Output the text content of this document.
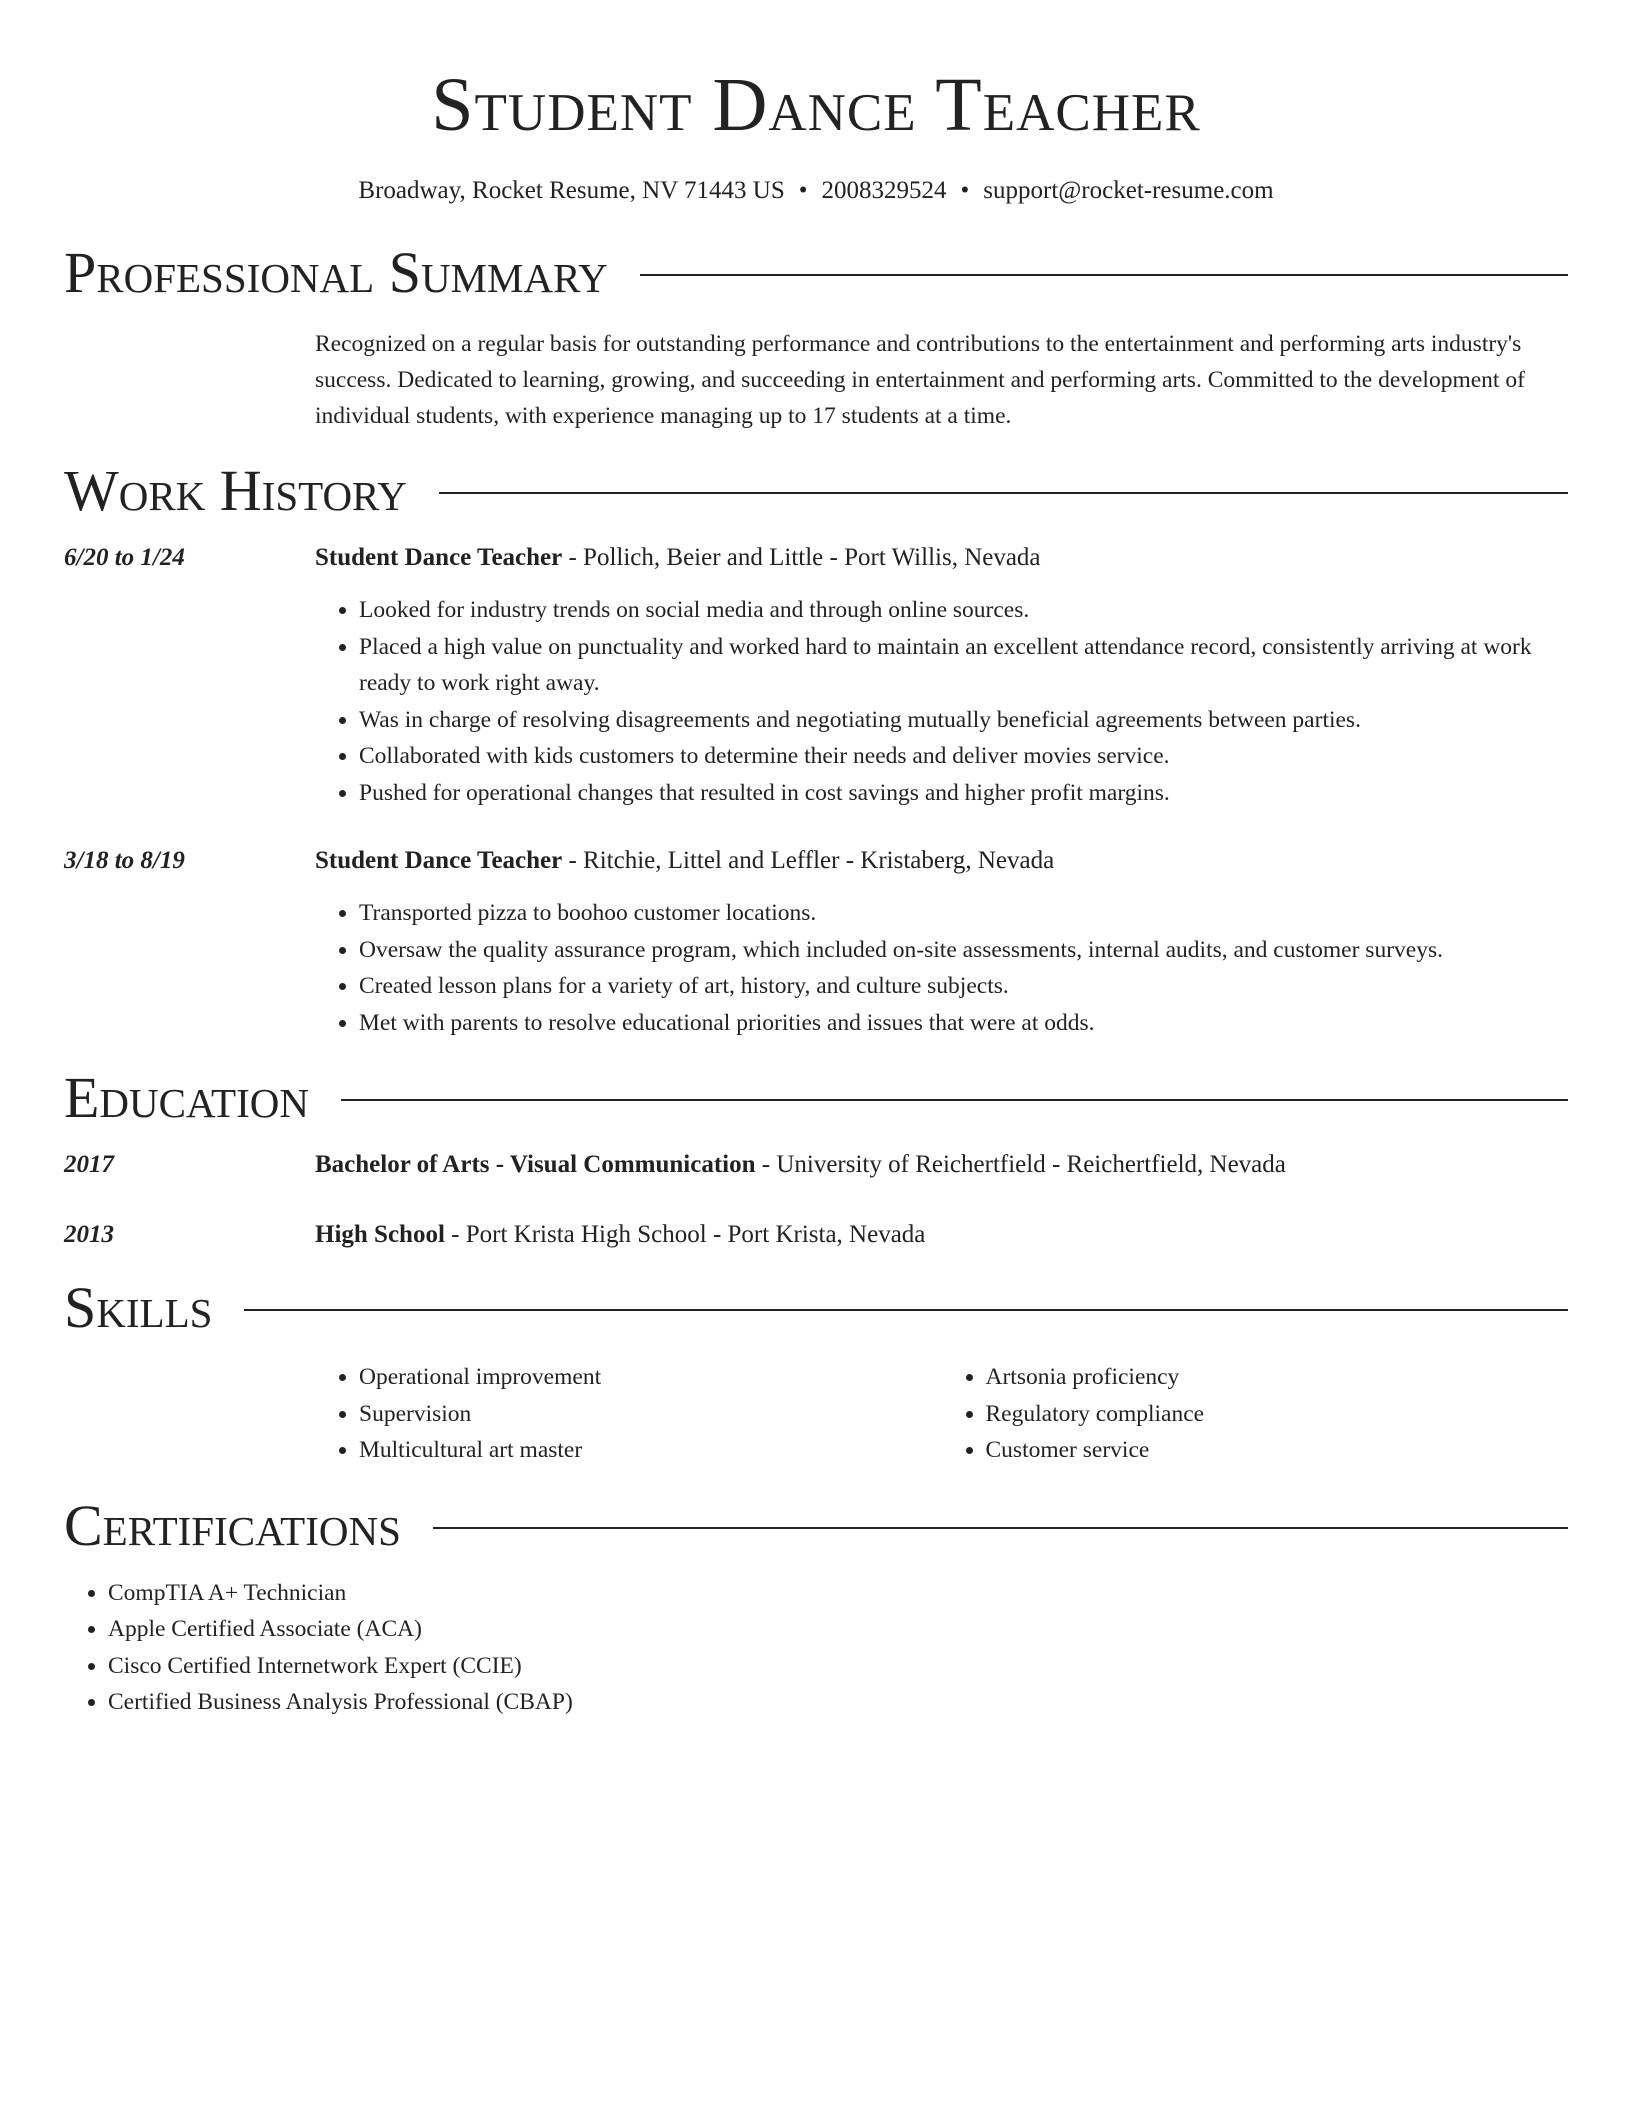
Student Dance Teacher
Broadway, Rocket Resume, NV 71443 US • 2008329524 • support@rocket-resume.com
Professional Summary
Recognized on a regular basis for outstanding performance and contributions to the entertainment and performing arts industry's success. Dedicated to learning, growing, and succeeding in entertainment and performing arts. Committed to the development of individual students, with experience managing up to 17 students at a time.
Work History
6/20 to 1/24	Student Dance Teacher - Pollich, Beier and Little - Port Willis, Nevada
• Looked for industry trends on social media and through online sources.
• Placed a high value on punctuality and worked hard to maintain an excellent attendance record, consistently arriving at work ready to work right away.
• Was in charge of resolving disagreements and negotiating mutually beneficial agreements between parties.
• Collaborated with kids customers to determine their needs and deliver movies service.
• Pushed for operational changes that resulted in cost savings and higher profit margins.
3/18 to 8/19	Student Dance Teacher - Ritchie, Littel and Leffler - Kristaberg, Nevada
• Transported pizza to boohoo customer locations.
• Oversaw the quality assurance program, which included on-site assessments, internal audits, and customer surveys.
• Created lesson plans for a variety of art, history, and culture subjects.
• Met with parents to resolve educational priorities and issues that were at odds.
Education
2017	Bachelor of Arts - Visual Communication - University of Reichertfield - Reichertfield, Nevada
2013	High School - Port Krista High School - Port Krista, Nevada
Skills
• Operational improvement
• Supervision
• Multicultural art master
• Artsonia proficiency
• Regulatory compliance
• Customer service
Certifications
• CompTIA A+ Technician
• Apple Certified Associate (ACA)
• Cisco Certified Internetwork Expert (CCIE)
• Certified Business Analysis Professional (CBAP)
